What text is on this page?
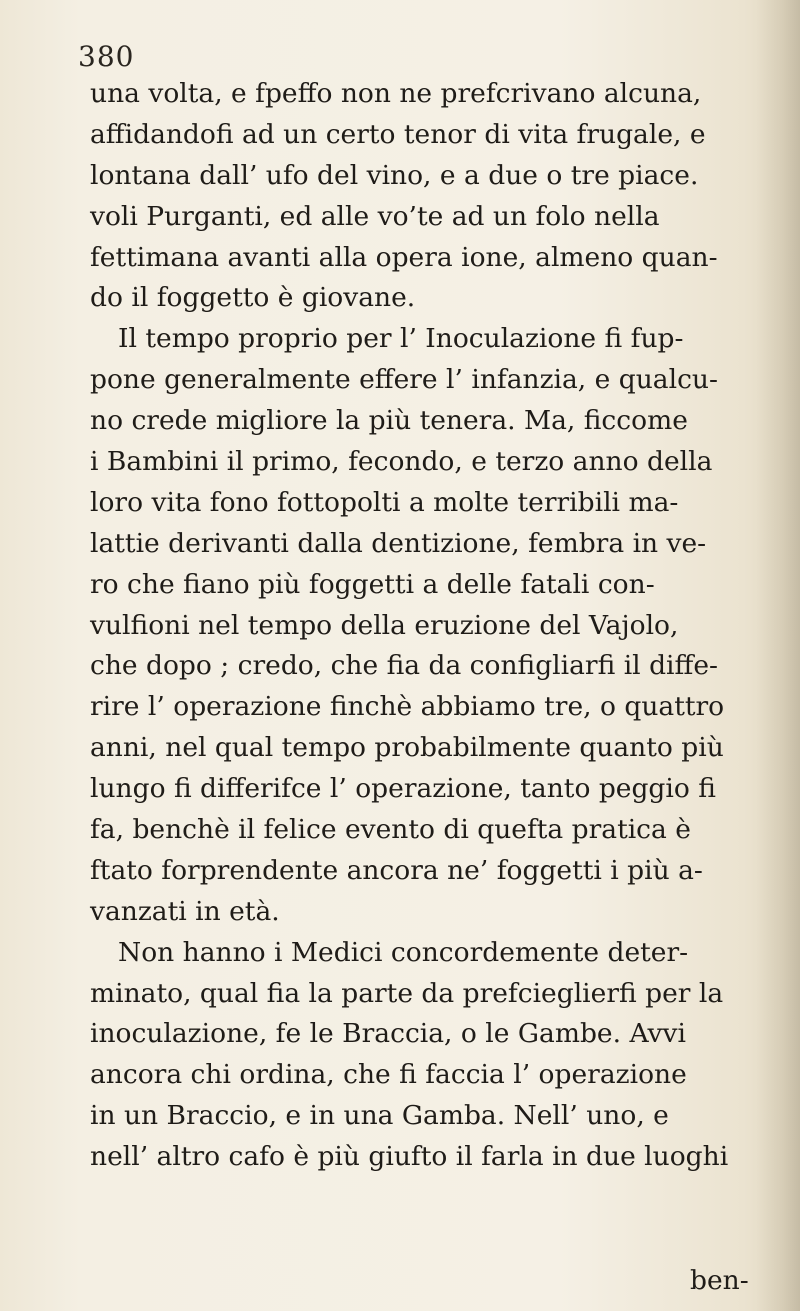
380
una volta, e fpeffo non ne prefcrivano alcuna,
affidandofi ad un certo tenor di vita frugale, e
lontana dall’ ufo del vino, e a due o tre piace.
voli Purganti, ed alle vo’te ad un folo nella
fettimana avanti alla opera ione, almeno quan-
do il foggetto è giovane.
Il tempo proprio per l’ Inoculazione fi fup-
pone generalmente effere l’ infanzia, e qualcu-
no crede migliore la più tenera. Ma, ficcome
i Bambini il primo, fecondo, e terzo anno della
loro vita fono fottopolti a molte terribili ma-
lattie derivanti dalla dentizione, fembra in ve-
ro che fiano più foggetti a delle fatali con-
vulfioni nel tempo della eruzione del Vajolo,
che dopo ; credo, che fia da configliarfi il diffe-
rire l’ operazione finchè abbiamo tre, o quattro
anni, nel qual tempo probabilmente quanto più
lungo fi differifce l’ operazione, tanto peggio fi
fa, benchè il felice evento di quefta pratica è
ftato forprendente ancora ne’ foggetti i più a-
vanzati in età.
Non hanno i Medici concordemente deter-
minato, qual fia la parte da prefcieglierfi per la
inoculazione, fe le Braccia, o le Gambe. Avvi
ancora chi ordina, che fi faccia l’ operazione
in un Braccio, e in una Gamba. Nell’ uno, e
nell’ altro cafo è più giufto il farla in due luoghi
ben-
